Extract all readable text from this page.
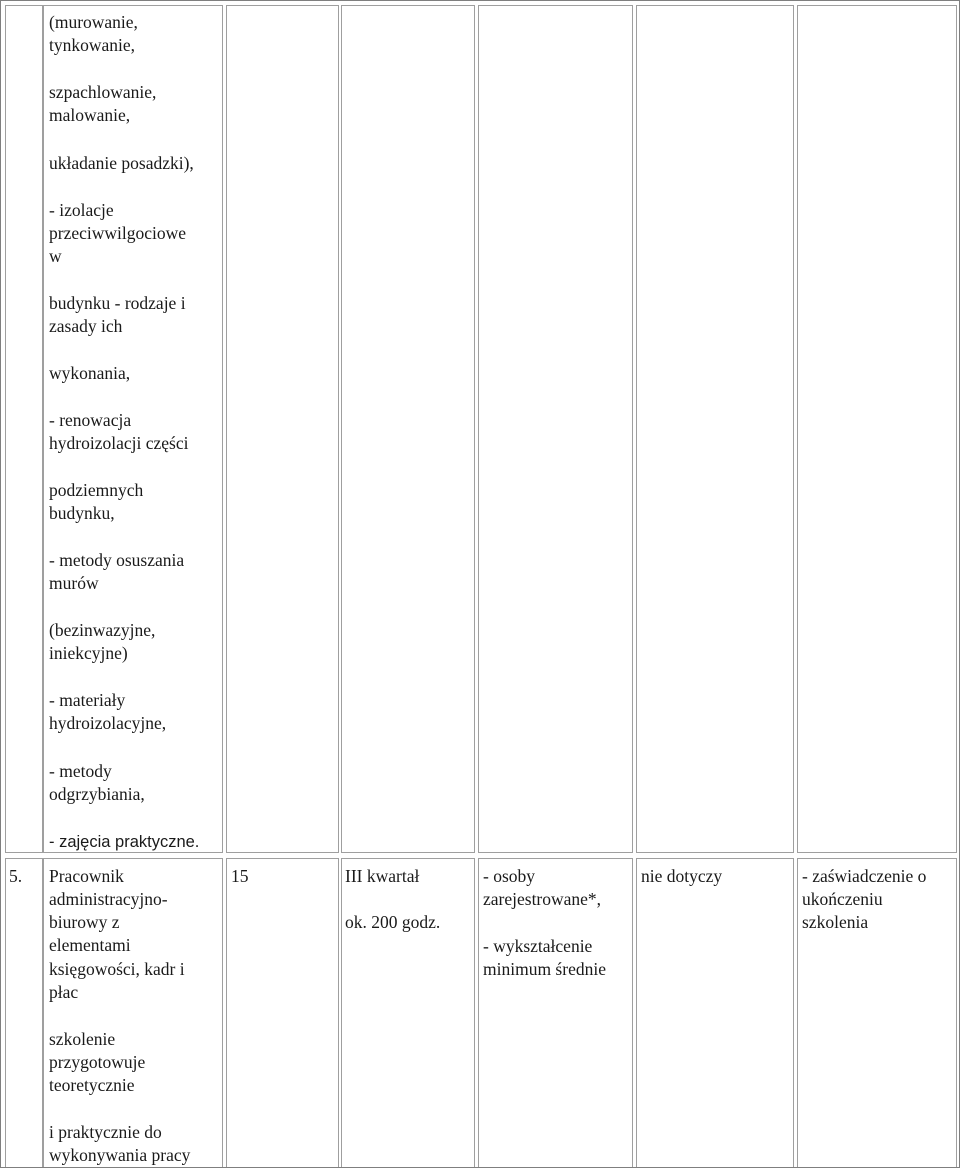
(murowanie,
tynkowanie,
szpachlowanie,
malowanie,
układanie posadzki),
- izolacje
przeciwwilgociowe
w
budynku - rodzaje i
zasady ich
wykonania,
- renowacja
hydroizolacji części
podziemnych
budynku,
- metody osuszania
murów
(bezinwazyjne,
iniekcyjne)
- materiały
hydroizolacyjne,
- metody
odgrzybiania,
- zajęcia praktyczne.
5. Pracownik
administracyjno-
biurowy z
elementami
księgowości, kadr i
płac
szkolenie
przygotowuje
teoretycznie
i praktycznie do
wykonywania pracy
15	III kwartał
ok. 200 godz.
- osoby
zarejestrowane*,
- wykształcenie
minimum średnie
nie dotyczy	- zaświadczenie o
ukończeniu
szkolenia
